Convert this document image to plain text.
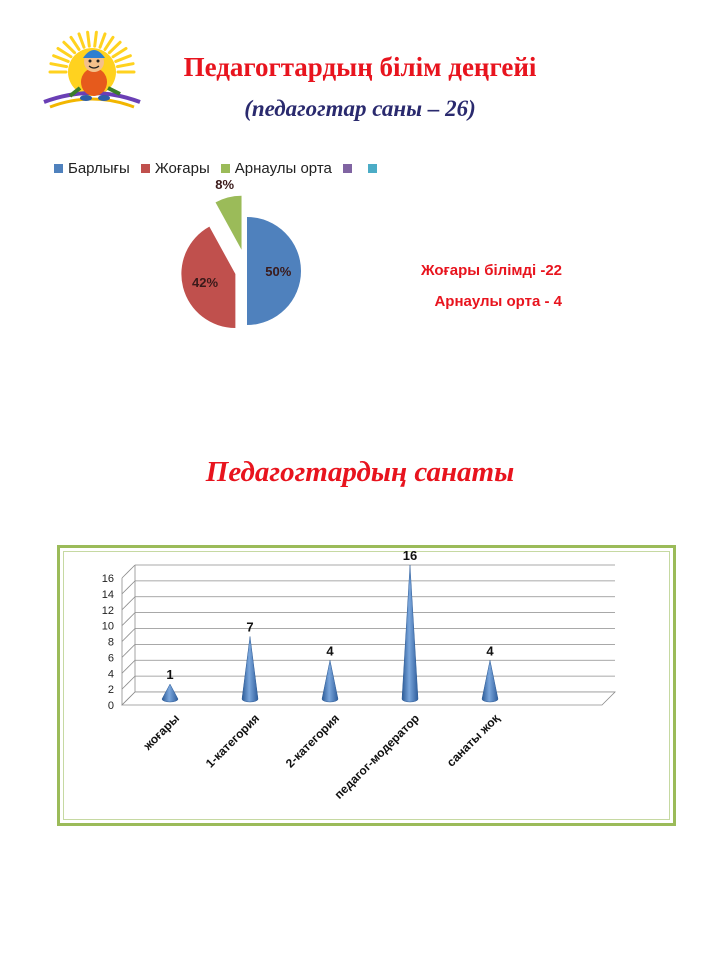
Педагогтардың білім деңгейі
(педагогтар саны – 26)
Барлығы Жоғары Арнаулы орта
50%
42%
8%
Жоғары білімді -22
Арнаулы орта - 4
Педагогтардың санаты
0
2
4
6
8
10
12
14
16
1
жоғары
7
1-категория
4
2-категория
16
педагог-модератор
4
санаты жоқ
